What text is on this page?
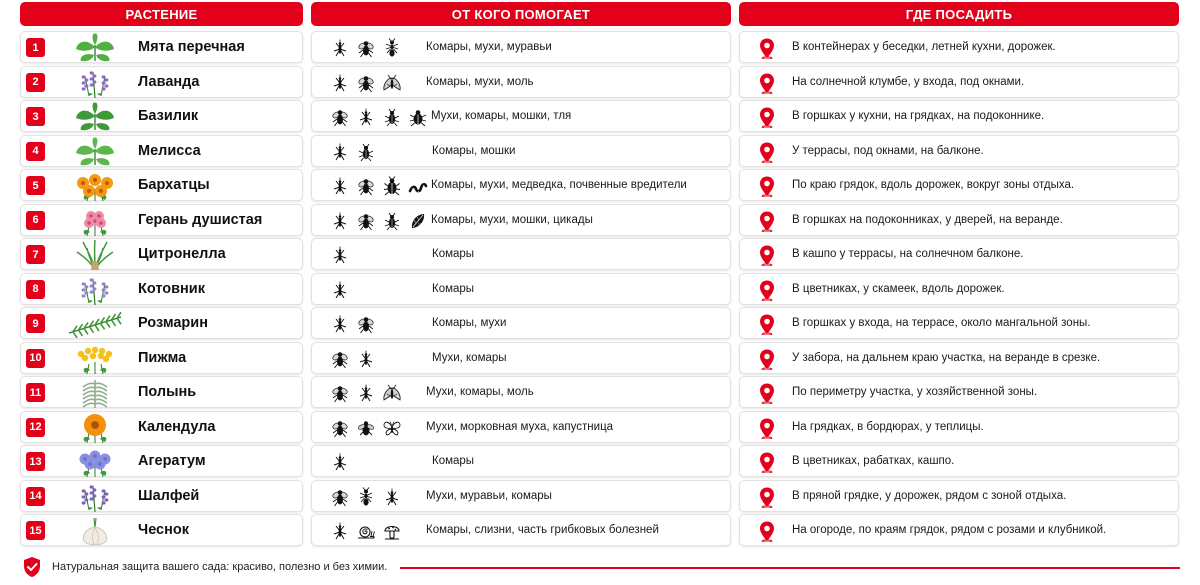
РАСТЕНИЕ	ОТ КОГО ПОМОГАЕТ	ГДЕ ПОСАДИТЬ
1	Мята перечная	Комары, мухи, муравьи	В контейнерах у беседки, летней кухни, дорожек.
2	Лаванда	Комары, мухи, моль	На солнечной клумбе, у входа, под окнами.
3	Базилик	Мухи, комары, мошки, тля	В горшках у кухни, на грядках, на подоконнике.
4	Мелисса	Комары, мошки	У террасы, под окнами, на балконе.
5	Бархатцы	Комары, мухи, медведка, почвенные вредители	По краю грядок, вдоль дорожек, вокруг зоны отдыха.
6	Герань душистая	Комары, мухи, мошки, цикады	В горшках на подоконниках, у дверей, на веранде.
7	Цитронелла	Комары	В кашпо у террасы, на солнечном балконе.
8	Котовник	Комары	В цветниках, у скамеек, вдоль дорожек.
9	Розмарин	Комары, мухи	В горшках у входа, на террасе, около мангальной зоны.
10	Пижма	Мухи, комары	У забора, на дальнем краю участка, на веранде в срезке.
11	Полынь	Мухи, комары, моль	По периметру участка, у хозяйственной зоны.
12	Календула	Мухи, морковная муха, капустница	На грядках, в бордюрах, у теплицы.
13	Агератум	Комары	В цветниках, рабатках, кашпо.
14	Шалфей	Мухи, муравьи, комары	В пряной грядке, у дорожек, рядом с зоной отдыха.
15	Чеснок	Комары, слизни, часть грибковых болезней	На огороде, по краям грядок, рядом с розами и клубникой.
Натуральная защита вашего сада: красиво, полезно и без химии.
